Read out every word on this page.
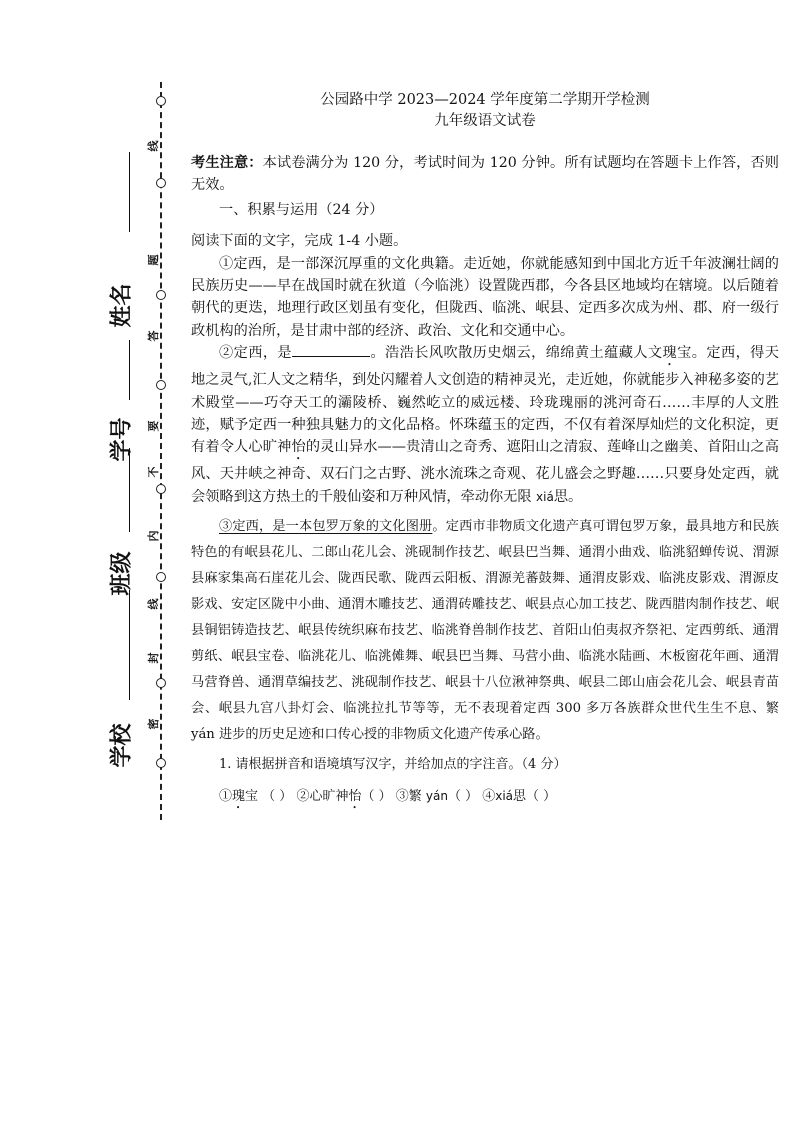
线
题
答
要
不
内
线
封
密
姓名
学号
班级
学校
公园路中学 2023—2024 学年度第二学期开学检测
九年级语文试卷

考生注意：本试卷满分为 120 分，考试时间为 120 分钟。所有试题均在答题卡上作答，否则无效。

一、积累与运用（24 分）

阅读下面的文字，完成 1-4 小题。

①定西，是一部深沉厚重的文化典籍。走近她，你就能感知到中国北方近千年波澜壮阔的民族历史——早在战国时就在狄道（今临洮）设置陇西郡，今各县区地域均在辖境。以后随着朝代的更迭，地理行政区划虽有变化，但陇西、临洮、岷县、定西多次成为州、郡、府一级行政机构的治所，是甘肃中部的经济、政治、文化和交通中心。

②定西，是	。浩浩长风吹散历史烟云，绵绵黄土蕴藏人文瑰宝。定西，得天地之灵气,汇人文之精华，到处闪耀着人文创造的精神灵光，走近她，你就能步入神秘多姿的艺术殿堂——巧夺天工的灞陵桥、巍然屹立的威远楼、玲珑瑰丽的洮河奇石……丰厚的人文胜迹，赋予定西一种独具魅力的文化品格。怀珠蕴玉的定西，不仅有着深厚灿烂的文化积淀，更有着令人心旷神怡的灵山异水——贵清山之奇秀、遮阳山之清寂、莲峰山之幽美、首阳山之高风、天井峡之神奇、双石门之古野、洮水流珠之奇观、花儿盛会之野趣……只要身处定西，就会领略到这方热土的千般仙姿和万种风情，牵动你无限 xiá思。

③定西，是一本包罗万象的文化图册。定西市非物质文化遗产真可谓包罗万象，最具地方和民族特色的有岷县花儿、二郎山花儿会、洮砚制作技艺、岷县巴当舞、通渭小曲戏、临洮貂蝉传说、渭源县麻家集高石崖花儿会、陇西民歌、陇西云阳板、渭源羌蕃鼓舞、通渭皮影戏、临洮皮影戏、渭源皮影戏、安定区陇中小曲、通渭木雕技艺、通渭砖雕技艺、岷县点心加工技艺、陇西腊肉制作技艺、岷县铜铝铸造技艺、岷县传统织麻布技艺、临洮脊兽制作技艺、首阳山伯夷叔齐祭祀、定西剪纸、通渭剪纸、岷县宝卷、临洮花儿、临洮傩舞、岷县巴当舞、马营小曲、临洮水陆画、木板窗花年画、通渭马营脊兽、通渭草编技艺、洮砚制作技艺、岷县十八位湫神祭典、岷县二郎山庙会花儿会、岷县青苗会、岷县九宫八卦灯会、临洮拉扎节等等，无不表现着定西 300 多万各族群众世代生生不息、繁 yán 进步的历史足迹和口传心授的非物质文化遗产传承心路。

1. 请根据拼音和语境填写汉字，并给加点的字注音。（4 分）

①瑰宝 （ ） ②心旷神怡（ ） ③繁 yán（ ） ④xiá思（ ）
